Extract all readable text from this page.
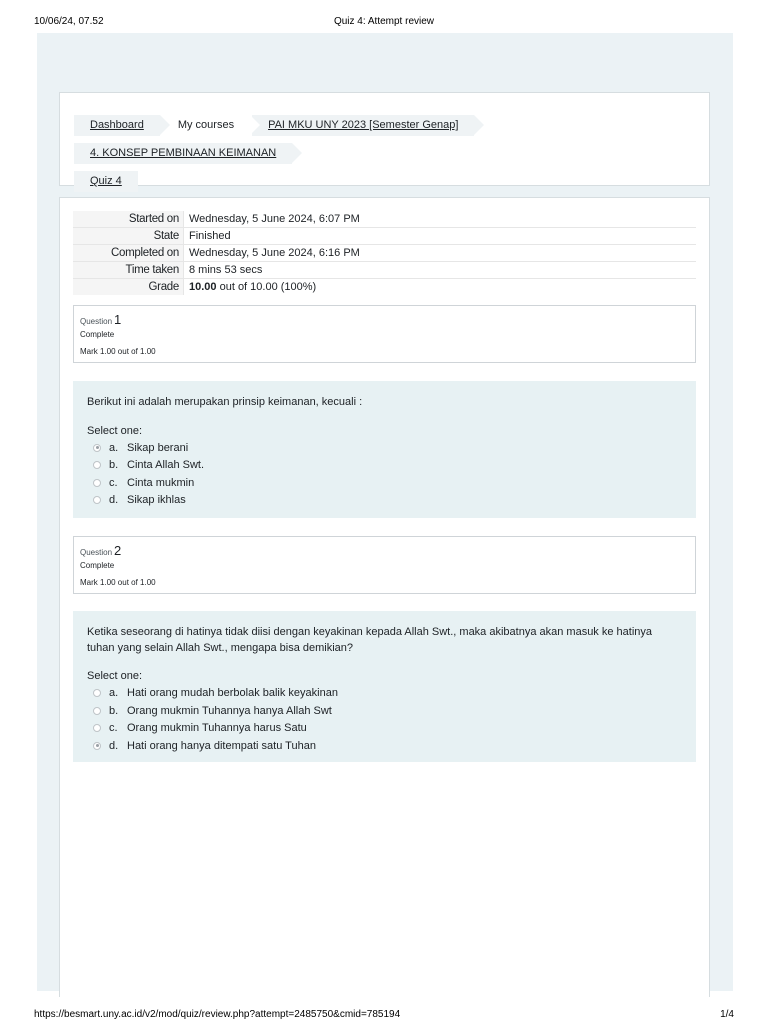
10/06/24, 07.52	Quiz 4: Attempt review
Dashboard	My courses	PAI MKU UNY 2023 [Semester Genap]4. KONSEP PEMBINAAN KEIMANAN
Quiz 4
Started on	Wednesday, 5 June 2024, 6:07 PM
State	Finished
Completed on	Wednesday, 5 June 2024, 6:16 PM
Time taken	8 mins 53 secs
Grade	10.00 out of 10.00 (100%)
Question 1
Complete
Mark 1.00 out of 1.00
Berikut ini adalah merupakan prinsip keimanan, kecuali :
Select one:
a. Sikap berani
b. Cinta Allah Swt.
c. Cinta mukmin
d. Sikap ikhlas
Question 2
Complete
Mark 1.00 out of 1.00
Ketika seseorang di hatinya tidak diisi dengan keyakinan kepada Allah Swt., maka akibatnya akan masuk ke hatinya tuhan yang selain Allah Swt., mengapa bisa demikian?
Select one:
a. Hati orang mudah berbolak balik keyakinan
b. Orang mukmin Tuhannya hanya Allah Swt
c. Orang mukmin Tuhannya harus Satu
d. Hati orang hanya ditempati satu Tuhan
https://besmart.uny.ac.id/v2/mod/quiz/review.php?attempt=2485750&cmid=785194	1/4
